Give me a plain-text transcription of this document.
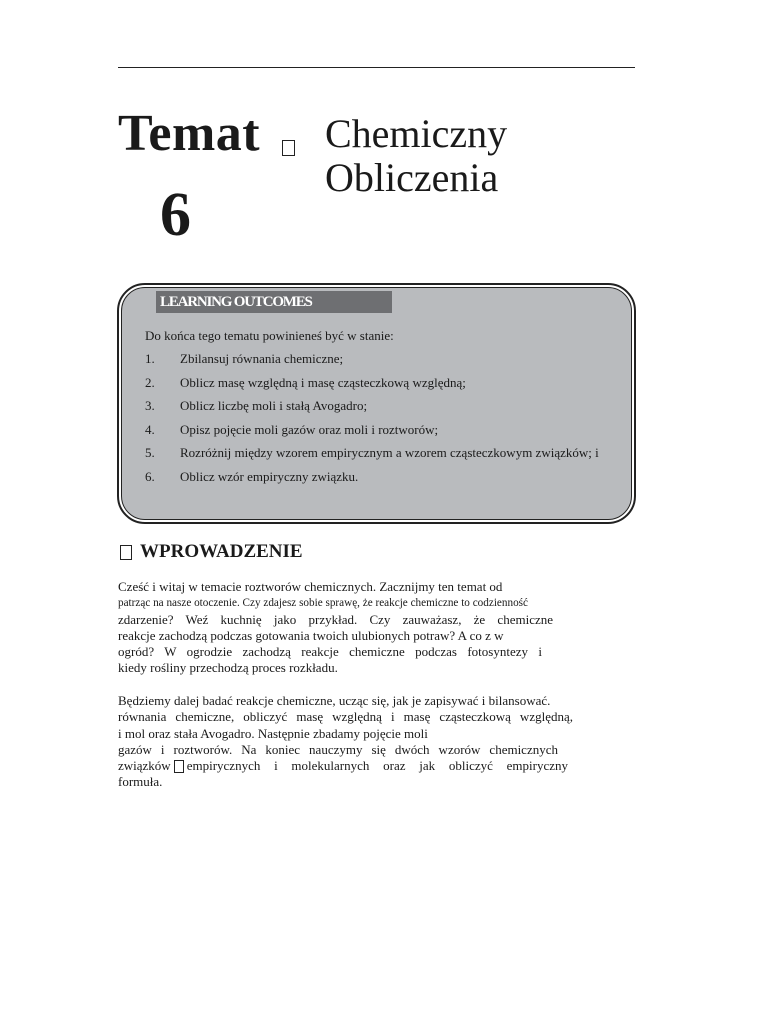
Temat
6
Chemiczny
Obliczenia
LEARNING OUTCOMES
Do końca tego tematu powinieneś być w stanie:
1.	Zbilansuj równania chemiczne;
2.	Oblicz masę względną i masę cząsteczkową względną;
3.	Oblicz liczbę moli i stałą Avogadro;
4.	Opisz pojęcie moli gazów oraz moli i roztworów;
5.	Rozróżnij między wzorem empirycznym a wzorem cząsteczkowym związków; i
6.	Oblicz wzór empiryczny związku.
WPROWADZENIE
Cześć i witaj w temacie roztworów chemicznych. Zacznijmy ten temat od
patrząc na nasze otoczenie. Czy zdajesz sobie sprawę, że reakcje chemiczne to codzienność
zdarzenie? Weź kuchnię jako przykład. Czy zauważasz, że chemiczne
reakcje zachodzą podczas gotowania twoich ulubionych potraw? A co z w
ogród? W ogrodzie zachodzą reakcje chemiczne podczas fotosyntezy i
kiedy rośliny przechodzą proces rozkładu.
Będziemy dalej badać reakcje chemiczne, ucząc się, jak je zapisywać i bilansować.
równania chemiczne, obliczyć masę względną i masę cząsteczkową względną,
i mol oraz stała Avogadro. Następnie zbadamy pojęcie moli
gazów i roztworów. Na koniec nauczymy się dwóch wzorów chemicznych
związków empirycznych i molekularnych oraz jak obliczyć empiryczny
formuła.
